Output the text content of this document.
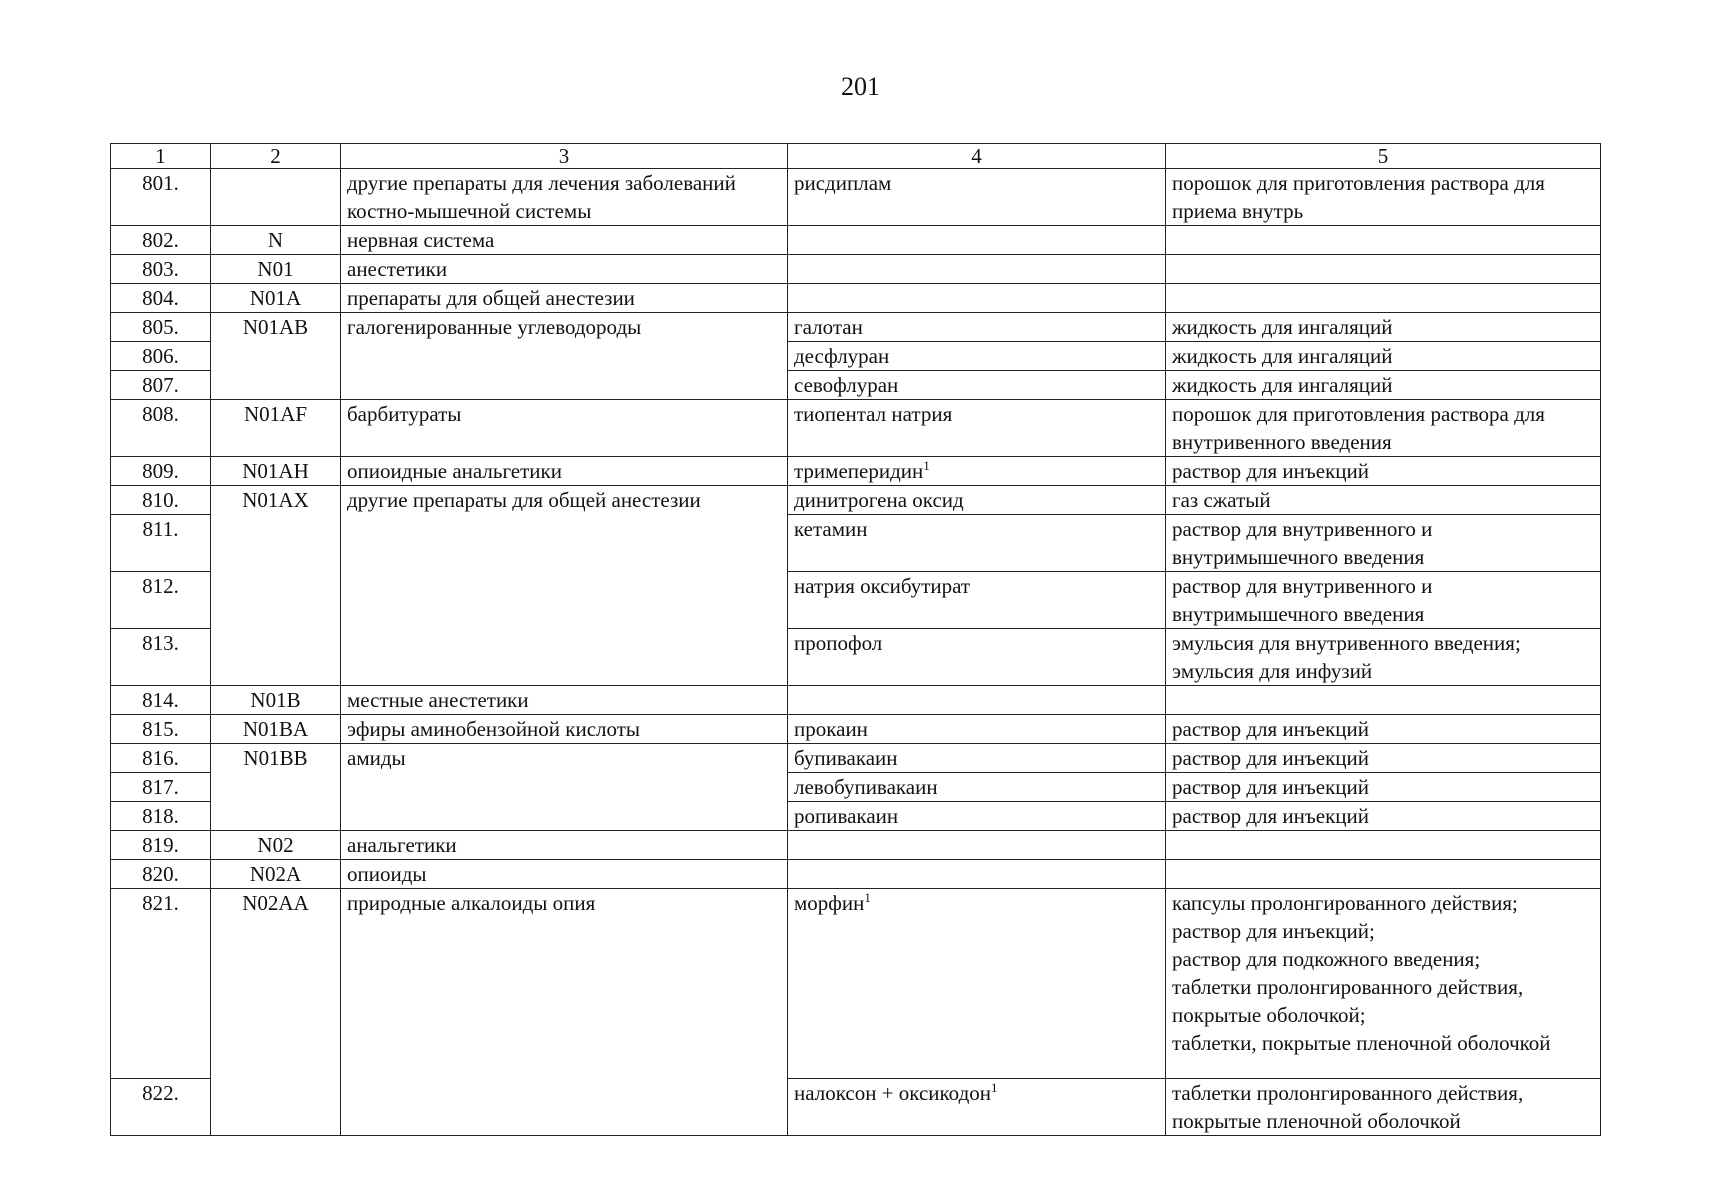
201
1	2	3	4	5
801.		другие препараты для лечения заболеваний костно-мышечной системы	рисдиплам	порошок для приготовления раствора для приема внутрь

802.	N	нервная система		

803.	N01	анестетики		

804.	N01A	препараты для общей анестезии		

805.	N01AB	галогенированные углеводороды	галотан	жидкость для ингаляций

806.			десфлуран	жидкость для ингаляций

807.			севофлуран	жидкость для ингаляций

808.	N01AF	барбитураты	тиопентал натрия	порошок для приготовления раствора для внутривенного введения

809.	N01AH	опиоидные анальгетики	тримеперидин$^1$	раствор для инъекций

810.	N01AX	другие препараты для общей анестезии	динитрогена оксид	газ сжатый

811.			кетамин	раствор для внутривенного и внутримышечного введения

812.			натрия оксибутират	раствор для внутривенного и внутримышечного введения

813.			пропофол	эмульсия для внутривенного введения;
эмульсия для инфузий

814.	N01B	местные анестетики		

815.	N01BA	эфиры аминобензойной кислоты	прокаин	раствор для инъекций

816.	N01BB	амиды	бупивакаин	раствор для инъекций

817.			левобупивакаин	раствор для инъекций

818.			ропивакаин	раствор для инъекций

819.	N02	анальгетики		

820.	N02A	опиоиды		

821.	N02AA	природные алкалоиды опия	морфин$^1$	капсулы пролонгированного действия;
раствор для инъекций;
раствор для подкожного введения;
таблетки пролонгированного действия, покрытые оболочкой;
таблетки, покрытые пленочной оболочкой

822.			налоксон + оксикодон$^1$	таблетки пролонгированного действия, покрытые пленочной оболочкой
